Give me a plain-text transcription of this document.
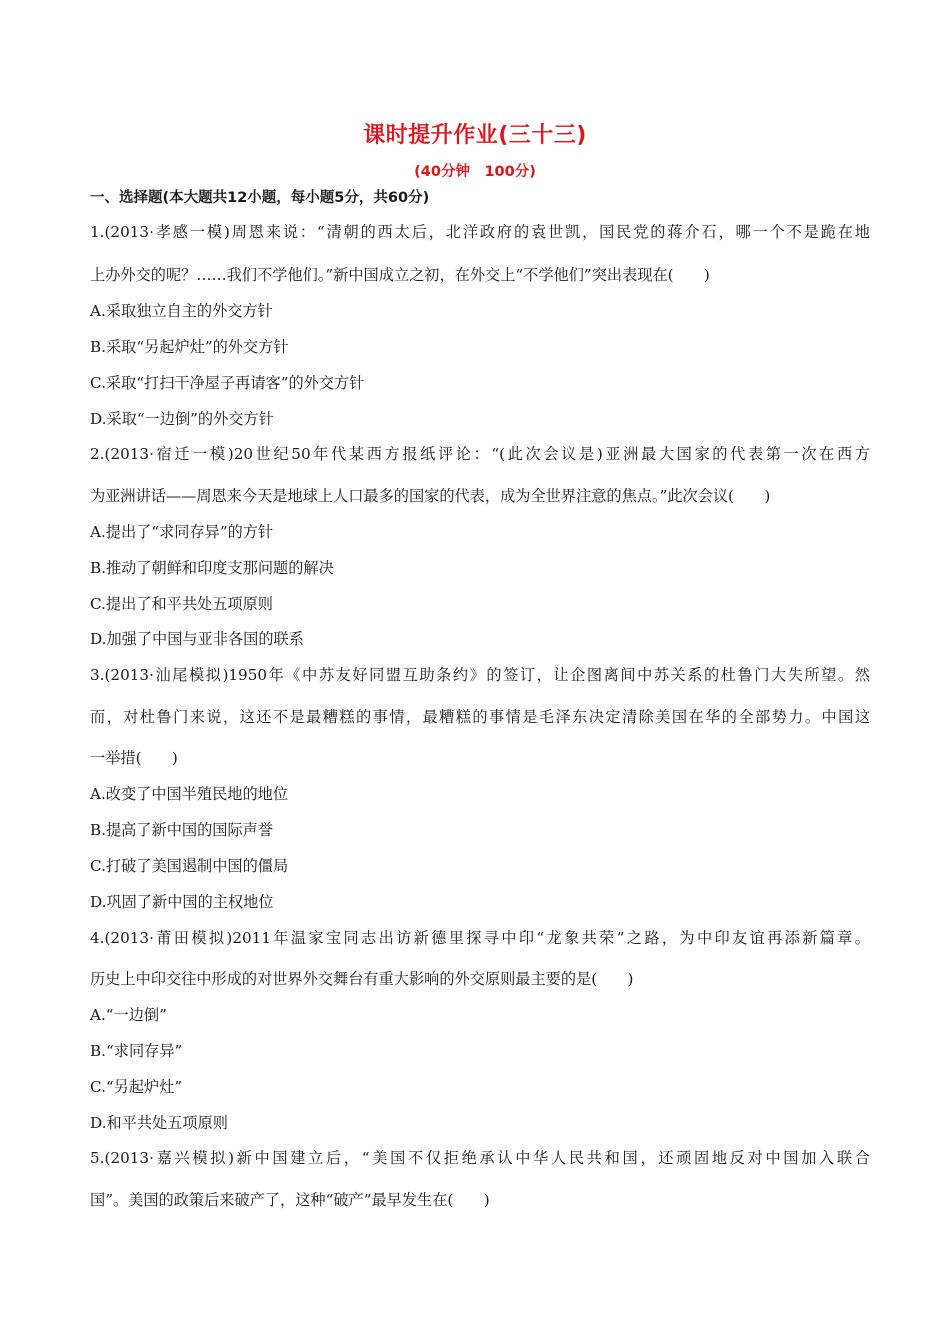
课时提升作业(三十三)
(40分钟　100分)
一、选择题(本大题共12小题，每小题5分，共60分)
1.(2013·孝感一模)周恩来说：“清朝的西太后，北洋政府的袁世凯，国民党的蒋介石，哪一个不是跪在地
上办外交的呢？……我们不学他们。”新中国成立之初，在外交上“不学他们”突出表现在(　　)
A.采取独立自主的外交方针
B.采取“另起炉灶”的外交方针
C.采取“打扫干净屋子再请客”的外交方针
D.采取“一边倒”的外交方针
2.(2013·宿迁一模)20世纪50年代某西方报纸评论：“(此次会议是)亚洲最大国家的代表第一次在西方
为亚洲讲话——周恩来今天是地球上人口最多的国家的代表，成为全世界注意的焦点。”此次会议(　　)
A.提出了“求同存异”的方针
B.推动了朝鲜和印度支那问题的解决
C.提出了和平共处五项原则
D.加强了中国与亚非各国的联系
3.(2013·汕尾模拟)1950年《中苏友好同盟互助条约》的签订，让企图离间中苏关系的杜鲁门大失所望。然
而，对杜鲁门来说，这还不是最糟糕的事情，最糟糕的事情是毛泽东决定清除美国在华的全部势力。中国这
一举措(　　)
A.改变了中国半殖民地的地位
B.提高了新中国的国际声誉
C.打破了美国遏制中国的僵局
D.巩固了新中国的主权地位
4.(2013·莆田模拟)2011年温家宝同志出访新德里探寻中印“龙象共荣”之路，为中印友谊再添新篇章。
历史上中印交往中形成的对世界外交舞台有重大影响的外交原则最主要的是(　　)
A.“一边倒”
B.“求同存异”
C.“另起炉灶”
D.和平共处五项原则
5.(2013·嘉兴模拟)新中国建立后，“美国不仅拒绝承认中华人民共和国，还顽固地反对中国加入联合
国”。美国的政策后来破产了，这种“破产”最早发生在(　　)
